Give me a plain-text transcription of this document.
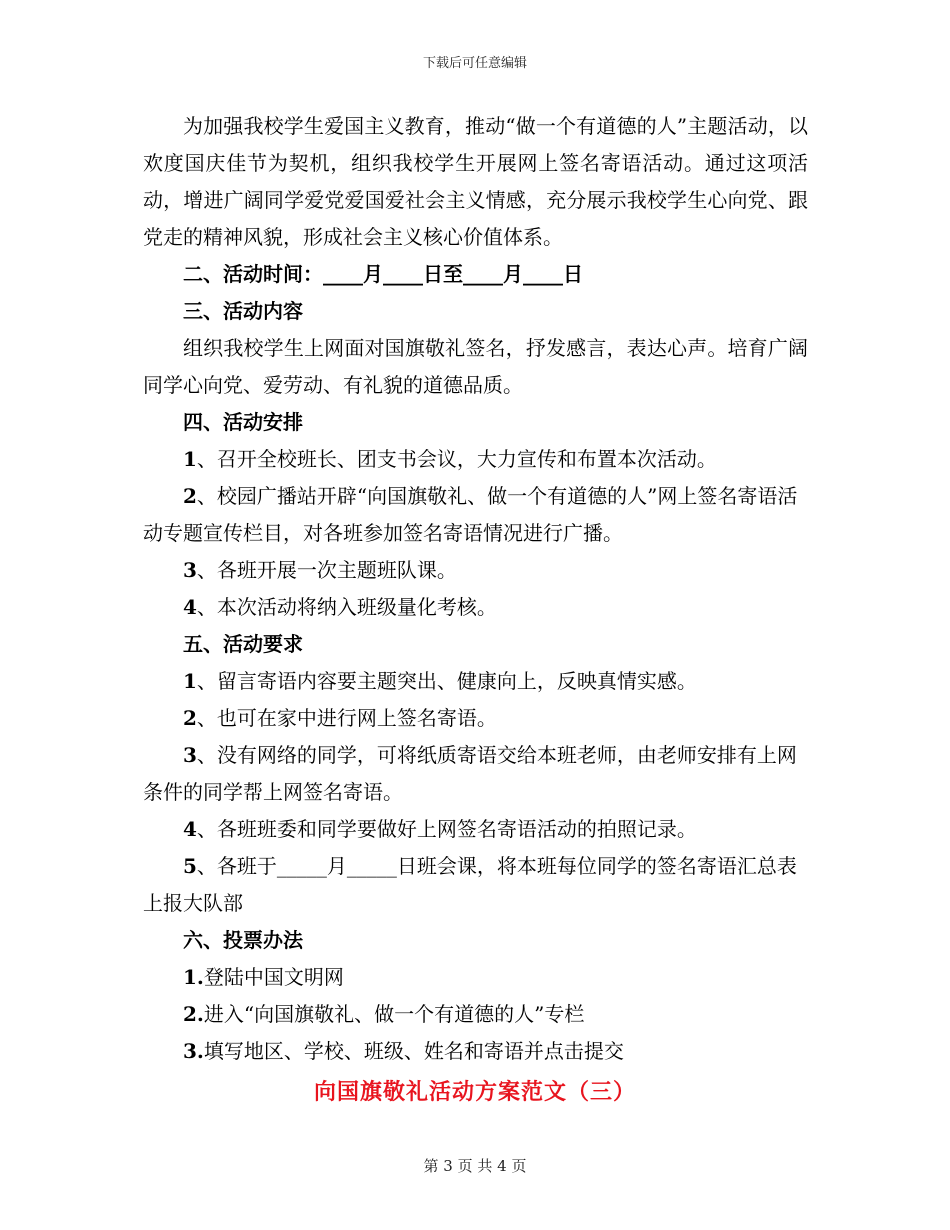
下载后可任意编辑

为加强我校学生爱国主义教育，推动“做一个有道德的人”主题活动，以欢度国庆佳节为契机，组织我校学生开展网上签名寄语活动。通过这项活动，增进广阔同学爱党爱国爱社会主义情感，充分展示我校学生心向党、跟党走的精神风貌，形成社会主义核心价值体系。

二、活动时间：____月____日至____月____日

三、活动内容

组织我校学生上网面对国旗敬礼签名，抒发感言，表达心声。培育广阔同学心向党、爱劳动、有礼貌的道德品质。

四、活动安排

1、召开全校班长、团支书会议，大力宣传和布置本次活动。

2、校园广播站开辟“向国旗敬礼、做一个有道德的人”网上签名寄语活动专题宣传栏目，对各班参加签名寄语情况进行广播。

3、各班开展一次主题班队课。

4、本次活动将纳入班级量化考核。

五、活动要求

1、留言寄语内容要主题突出、健康向上，反映真情实感。

2、也可在家中进行网上签名寄语。

3、没有网络的同学，可将纸质寄语交给本班老师，由老师安排有上网条件的同学帮上网签名寄语。

4、各班班委和同学要做好上网签名寄语活动的拍照记录。

5、各班于_____月_____日班会课，将本班每位同学的签名寄语汇总表上报大队部

六、投票办法

1.登陆中国文明网

2.进入“向国旗敬礼、做一个有道德的人”专栏

3.填写地区、学校、班级、姓名和寄语并点击提交

向国旗敬礼活动方案范文（三）
第 3 页 共 4 页
